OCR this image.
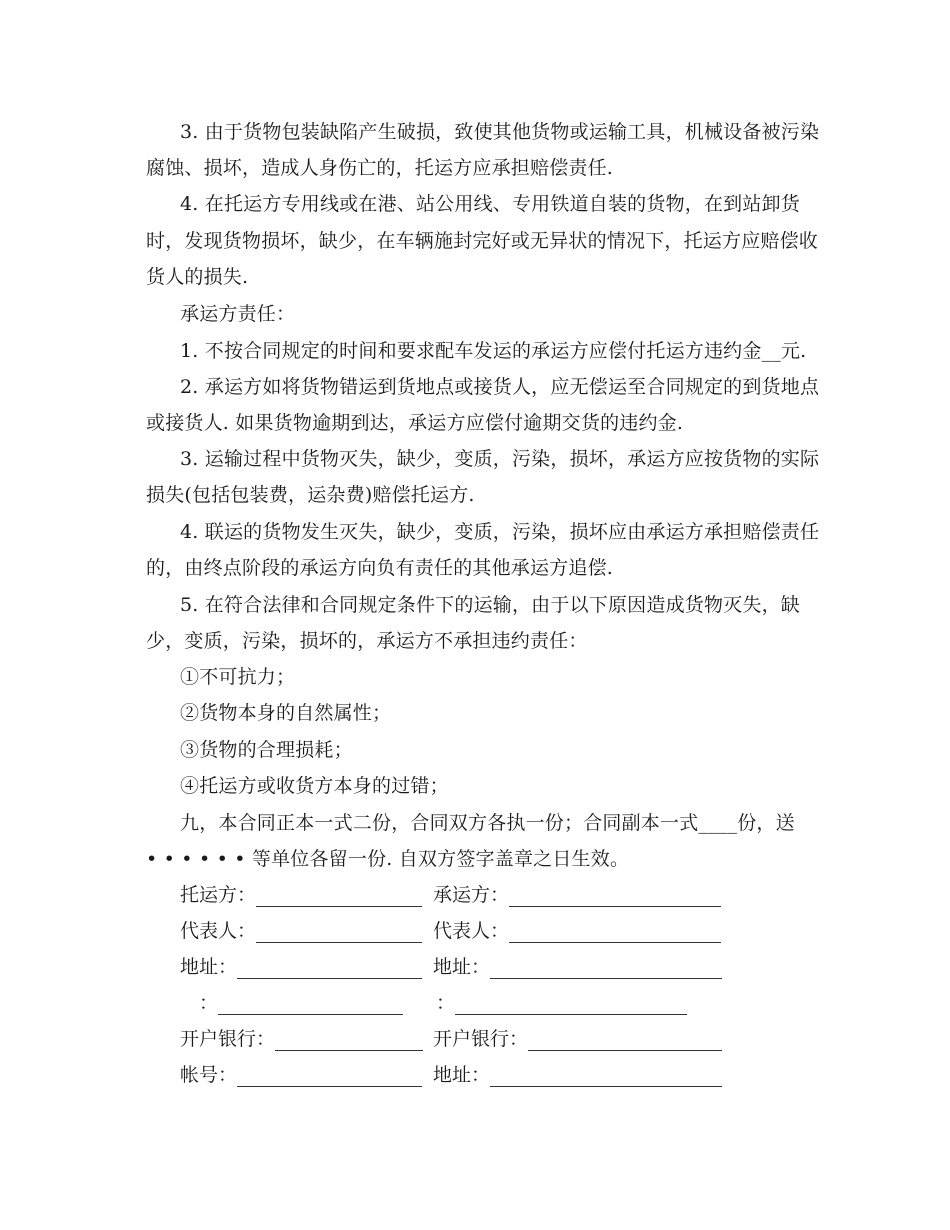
3. 由于货物包装缺陷产生破损，致使其他货物或运输工具，机械设备被污染
腐蚀、损坏，造成人身伤亡的，托运方应承担赔偿责任.
4. 在托运方专用线或在港、站公用线、专用铁道自装的货物，在到站卸货
时，发现货物损坏，缺少，在车辆施封完好或无异状的情况下，托运方应赔偿收
货人的损失.
承运方责任：
1. 不按合同规定的时间和要求配车发运的承运方应偿付托运方违约金__元.
2. 承运方如将货物错运到货地点或接货人，应无偿运至合同规定的到货地点
或接货人. 如果货物逾期到达，承运方应偿付逾期交货的违约金.
3. 运输过程中货物灭失，缺少，变质，污染，损坏，承运方应按货物的实际
损失(包括包装费，运杂费)赔偿托运方.
4. 联运的货物发生灭失，缺少，变质，污染，损坏应由承运方承担赔偿责任
的，由终点阶段的承运方向负有责任的其他承运方追偿.
5. 在符合法律和合同规定条件下的运输，由于以下原因造成货物灭失，缺
少，变质，污染，损坏的，承运方不承担违约责任：
①不可抗力；
②货物本身的自然属性；
③货物的合理损耗；
④托运方或收货方本身的过错；
九，本合同正本一式二份，合同双方各执一份；合同副本一式____份，送
• • • • • • 等单位各留一份. 自双方签字盖章之日生效。
托运方：	承运方：
代表人：	代表人：
地址：	地址：
　：	：
开户银行：	开户银行：
帐号：	地址：
